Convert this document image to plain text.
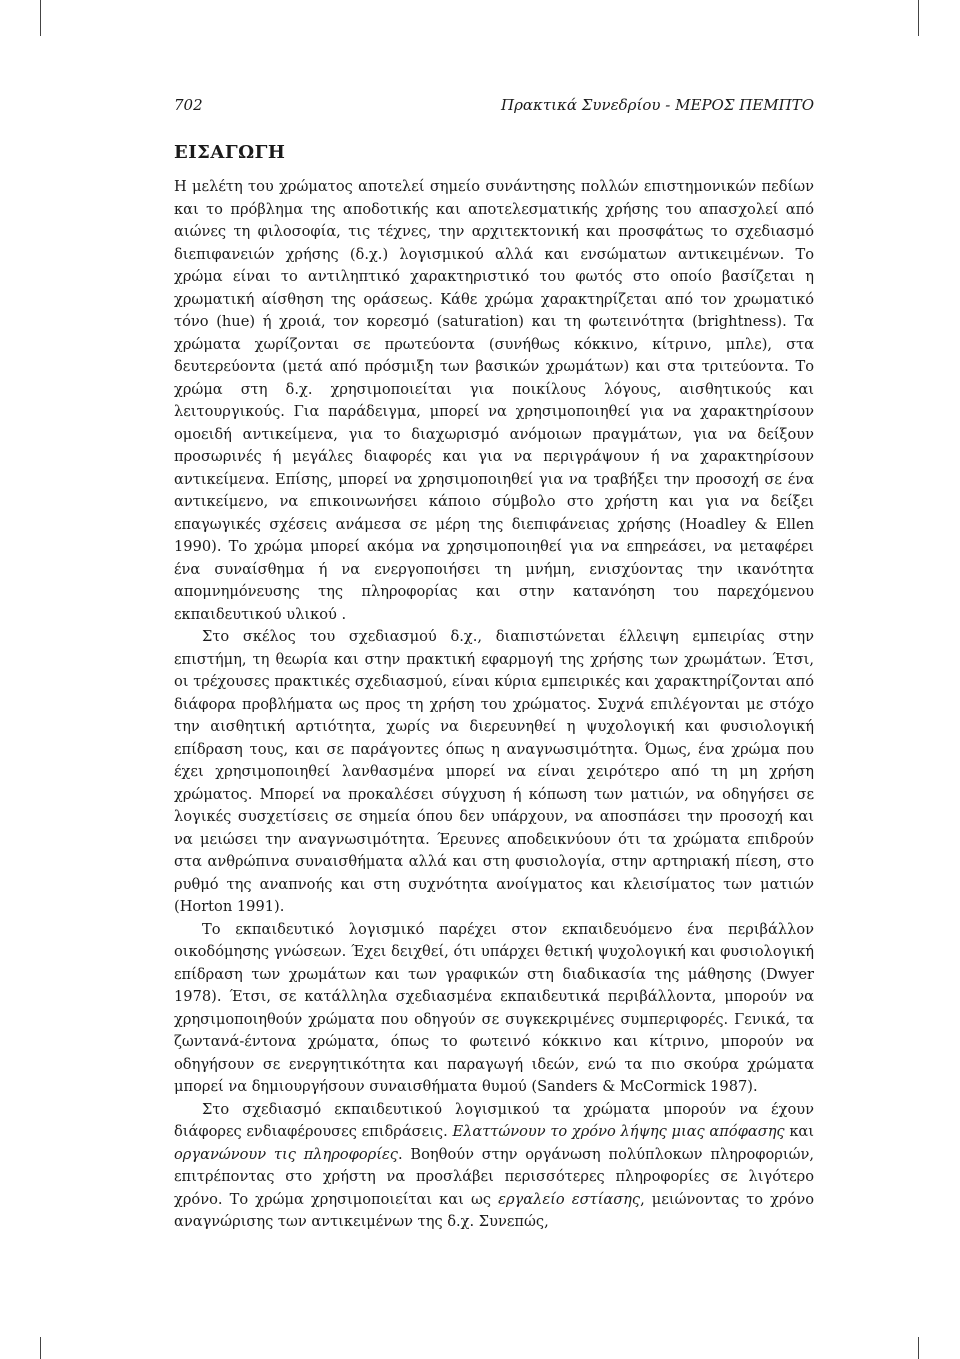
702	Πρακτικά Συνεδρίου - ΜΕΡΟΣ ΠΕΜΠΤΟ
ΕΙΣΑΓΩΓΗ

Η μελέτη του χρώματος αποτελεί σημείο συνάντησης πολλών επιστημονικών πεδίων και το πρόβλημα της αποδοτικής και αποτελεσματικής χρήσης του απασχολεί από αιώνες τη φιλοσοφία, τις τέχνες, την αρχιτεκτονική και προσφάτως το σχεδιασμό διεπιφανειών χρήσης (δ.χ.) λογισμικού αλλά και ενσώματων αντικειμένων. Το χρώμα είναι το αντιληπτικό χαρακτηριστικό του φωτός στο οποίο βασίζεται η χρωματική αίσθηση της οράσεως. Κάθε χρώμα χαρακτηρίζεται από τον χρωματικό τόνο (hue) ή χροιά, τον κορεσμό (saturation) και τη φωτεινότητα (brightness). Τα χρώματα χωρίζονται σε πρωτεύοντα (συνήθως κόκκινο, κίτρινο, μπλε), στα δευτερεύοντα (μετά από πρόσμιξη των βασικών χρωμάτων) και στα τριτεύοντα. Το χρώμα στη δ.χ. χρησιμοποιείται για ποικίλους λόγους, αισθητικούς και λειτουργικούς. Για παράδειγμα, μπορεί να χρησιμοποιηθεί για να χαρακτηρίσουν ομοειδή αντικείμενα, για το διαχωρισμό ανόμοιων πραγμάτων, για να δείξουν προσωρινές ή μεγάλες διαφορές και για να περιγράψουν ή να χαρακτηρίσουν αντικείμενα. Επίσης, μπορεί να χρησιμοποιηθεί για να τραβήξει την προσοχή σε ένα αντικείμενο, να επικοινωνήσει κάποιο σύμβολο στο χρήστη και για να δείξει επαγωγικές σχέσεις ανάμεσα σε μέρη της διεπιφάνειας χρήσης (Hoadley & Ellen 1990). Το χρώμα μπορεί ακόμα να χρησιμοποιηθεί για να επηρεάσει, να μεταφέρει ένα συναίσθημα ή να ενεργοποιήσει τη μνήμη, ενισχύοντας την ικανότητα απομνημόνευσης της πληροφορίας και στην κατανόηση του παρεχόμενου εκπαιδευτικού υλικού .

Στο σκέλος του σχεδιασμού δ.χ., διαπιστώνεται έλλειψη εμπειρίας στην επιστήμη, τη θεωρία και στην πρακτική εφαρμογή της χρήσης των χρωμάτων. Έτσι, οι τρέχουσες πρακτικές σχεδιασμού, είναι κύρια εμπειρικές και χαρακτηρίζονται από διάφορα προβλήματα ως προς τη χρήση του χρώματος. Συχνά επιλέγονται με στόχο την αισθητική αρτιότητα, χωρίς να διερευνηθεί η ψυχολογική και φυσιολογική επίδραση τους, και σε παράγοντες όπως η αναγνωσιμότητα. Όμως, ένα χρώμα που έχει χρησιμοποιηθεί λανθασμένα μπορεί να είναι χειρότερο από τη μη χρήση χρώματος. Μπορεί να προκαλέσει σύγχυση ή κόπωση των ματιών, να οδηγήσει σε λογικές συσχετίσεις σε σημεία όπου δεν υπάρχουν, να αποσπάσει την προσοχή και να μειώσει την αναγνωσιμότητα. Έρευνες αποδεικνύουν ότι τα χρώματα επιδρούν στα ανθρώπινα συναισθήματα αλλά και στη φυσιολογία, στην αρτηριακή πίεση, στο ρυθμό της αναπνοής και στη συχνότητα ανοίγματος και κλεισίματος των ματιών (Horton 1991).

Το εκπαιδευτικό λογισμικό παρέχει στον εκπαιδευόμενο ένα περιβάλλον οικοδόμησης γνώσεων. Έχει δειχθεί, ότι υπάρχει θετική ψυχολογική και φυσιολογική επίδραση των χρωμάτων και των γραφικών στη διαδικασία της μάθησης (Dwyer 1978). Έτσι, σε κατάλληλα σχεδιασμένα εκπαιδευτικά περιβάλλοντα, μπορούν να χρησιμοποιηθούν χρώματα που οδηγούν σε συγκεκριμένες συμπεριφορές. Γενικά, τα ζωντανά-έντονα χρώματα, όπως το φωτεινό κόκκινο και κίτρινο, μπορούν να οδηγήσουν σε ενεργητικότητα και παραγωγή ιδεών, ενώ τα πιο σκούρα χρώματα μπορεί να δημιουργήσουν συναισθήματα θυμού (Sanders & McCormick 1987).

Στο σχεδιασμό εκπαιδευτικού λογισμικού τα χρώματα μπορούν να έχουν διάφορες ενδιαφέρουσες επιδράσεις. Ελαττώνουν το χρόνο λήψης μιας απόφασης και οργανώνουν τις πληροφορίες. Βοηθούν στην οργάνωση πολύπλοκων πληροφοριών, επιτρέποντας στο χρήστη να προσλάβει περισσότερες πληροφορίες σε λιγότερο χρόνο. Το χρώμα χρησιμοποιείται και ως εργαλείο εστίασης, μειώνοντας το χρόνο αναγνώρισης των αντικειμένων της δ.χ. Συνεπώς,
